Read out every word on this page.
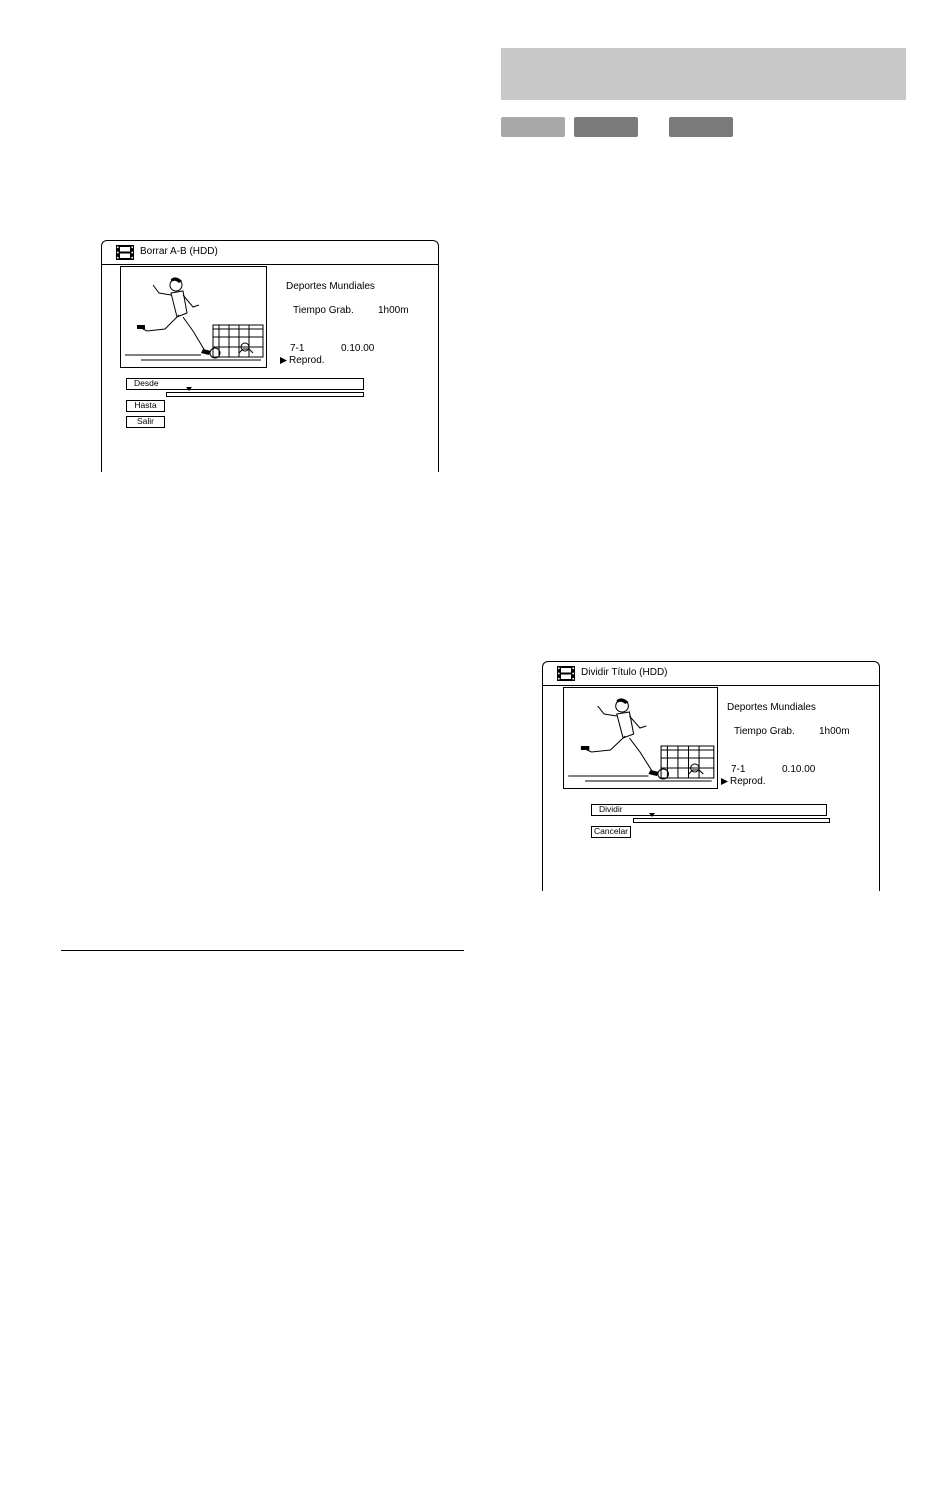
Borrar A-B (HDD)
Deportes Mundiales
Tiempo Grab. 1h00m
7-1	0.10.00
Reprod.
Desde
Hasta
Salir
Dividir Título (HDD)
Deportes Mundiales
Tiempo Grab. 1h00m
7-1	0.10.00
Reprod.
Dividir
Cancelar
